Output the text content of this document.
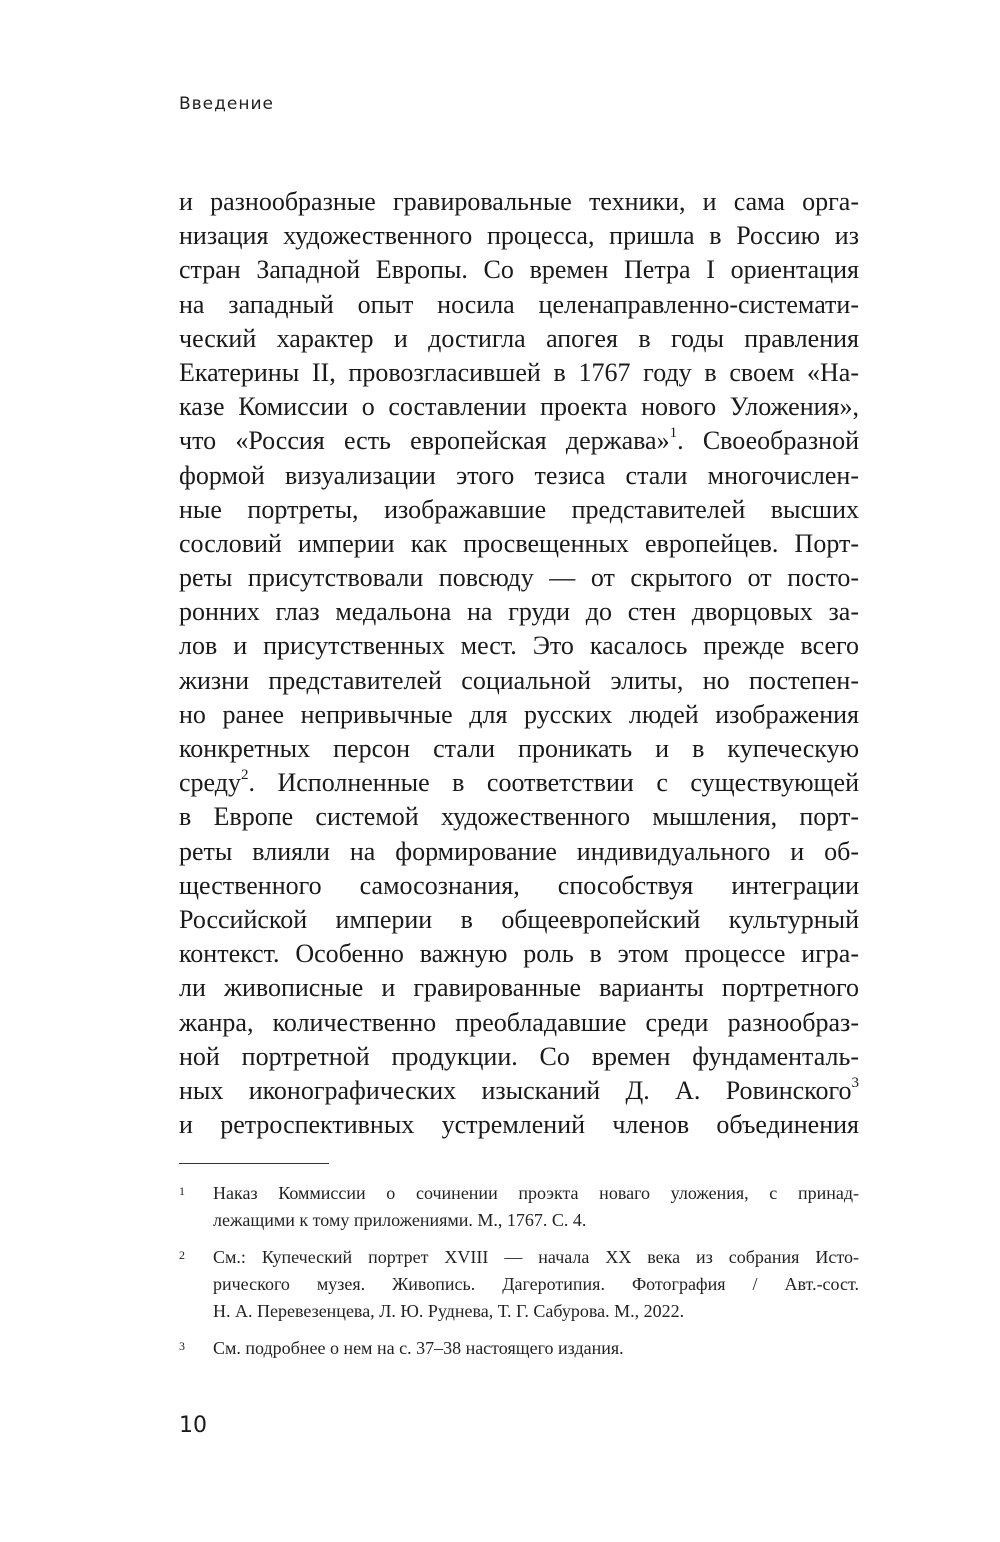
Введение
и разнообразные гравировальные техники, и сама орга-
низация художественного процесса, пришла в Россию из
стран Западной Европы. Со времен Петра I ориентация
на западный опыт носила целенаправленно-системати-
ческий характер и достигла апогея в годы правления
Екатерины II, провозгласившей в 1767 году в своем «На-
казе Комиссии о составлении проекта нового Уложения»,
что «Россия есть европейская держава»$^1$. Своеобразной
формой визуализации этого тезиса стали многочислен-
ные портреты, изображавшие представителей высших
сословий империи как просвещенных европейцев. Порт-
реты присутствовали повсюду — от скрытого от посто-
ронних глаз медальона на груди до стен дворцовых за-
лов и присутственных мест. Это касалось прежде всего
жизни представителей социальной элиты, но постепен-
но ранее непривычные для русских людей изображения
конкретных персон стали проникать и в купеческую
среду$^2$. Исполненные в соответствии с существующей
в Европе системой художественного мышления, порт-
реты влияли на формирование индивидуального и об-
щественного самосознания, способствуя интеграции
Российской империи в общеевропейский культурный
контекст. Особенно важную роль в этом процессе игра-
ли живописные и гравированные варианты портретного
жанра, количественно преобладавшие среди разнообраз-
ной портретной продукции. Со времен фундаменталь-
ных иконографических изысканий Д. А. Ровинского$^3$
и ретроспективных устремлений членов объединения
1 Наказ Коммиссии о сочинении проэкта новаго уложения, с принад-
лежащими к тому приложениями. М., 1767. С. 4.
2 См.: Купеческий портрет XVIII — начала XX века из собрания Исто-
рического музея. Живопись. Дагеротипия. Фотография / Авт.-сост.
Н. А. Перевезенцева, Л. Ю. Руднева, Т. Г. Сабурова. М., 2022.
3 См. подробнее о нем на с. 37–38 настоящего издания.
10
